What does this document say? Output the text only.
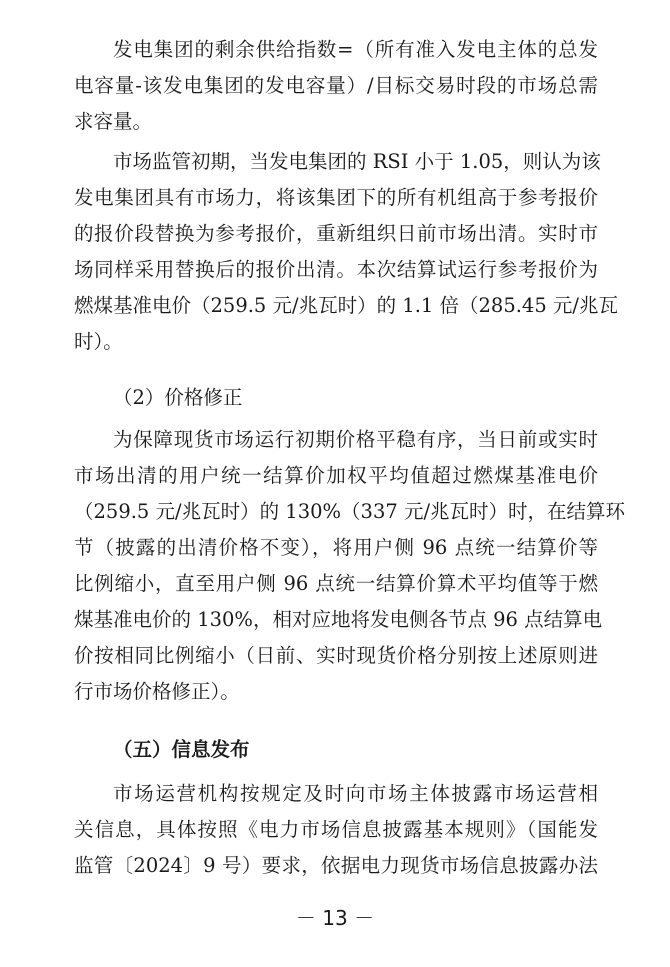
发电集团的剩余供给指数=（所有准入发电主体的总发
电容量-该发电集团的发电容量）/目标交易时段的市场总需
求容量。
市场监管初期，当发电集团的 RSI 小于 1.05，则认为该
发电集团具有市场力，将该集团下的所有机组高于参考报价
的报价段替换为参考报价，重新组织日前市场出清。实时市
场同样采用替换后的报价出清。本次结算试运行参考报价为
燃煤基准电价（259.5 元/兆瓦时）的 1.1 倍（285.45 元/兆瓦
时）。
（2）价格修正
为保障现货市场运行初期价格平稳有序，当日前或实时
市场出清的用户统一结算价加权平均值超过燃煤基准电价
（259.5 元/兆瓦时）的 130%（337 元/兆瓦时）时，在结算环
节（披露的出清价格不变），将用户侧 96 点统一结算价等
比例缩小，直至用户侧 96 点统一结算价算术平均值等于燃
煤基准电价的 130%，相对应地将发电侧各节点 96 点结算电
价按相同比例缩小（日前、实时现货价格分别按上述原则进
行市场价格修正）。
（五）信息发布
市场运营机构按规定及时向市场主体披露市场运营相
关信息，具体按照《电力市场信息披露基本规则》（国能发
监管〔2024〕9 号）要求，依据电力现货市场信息披露办法
－ 13 －
